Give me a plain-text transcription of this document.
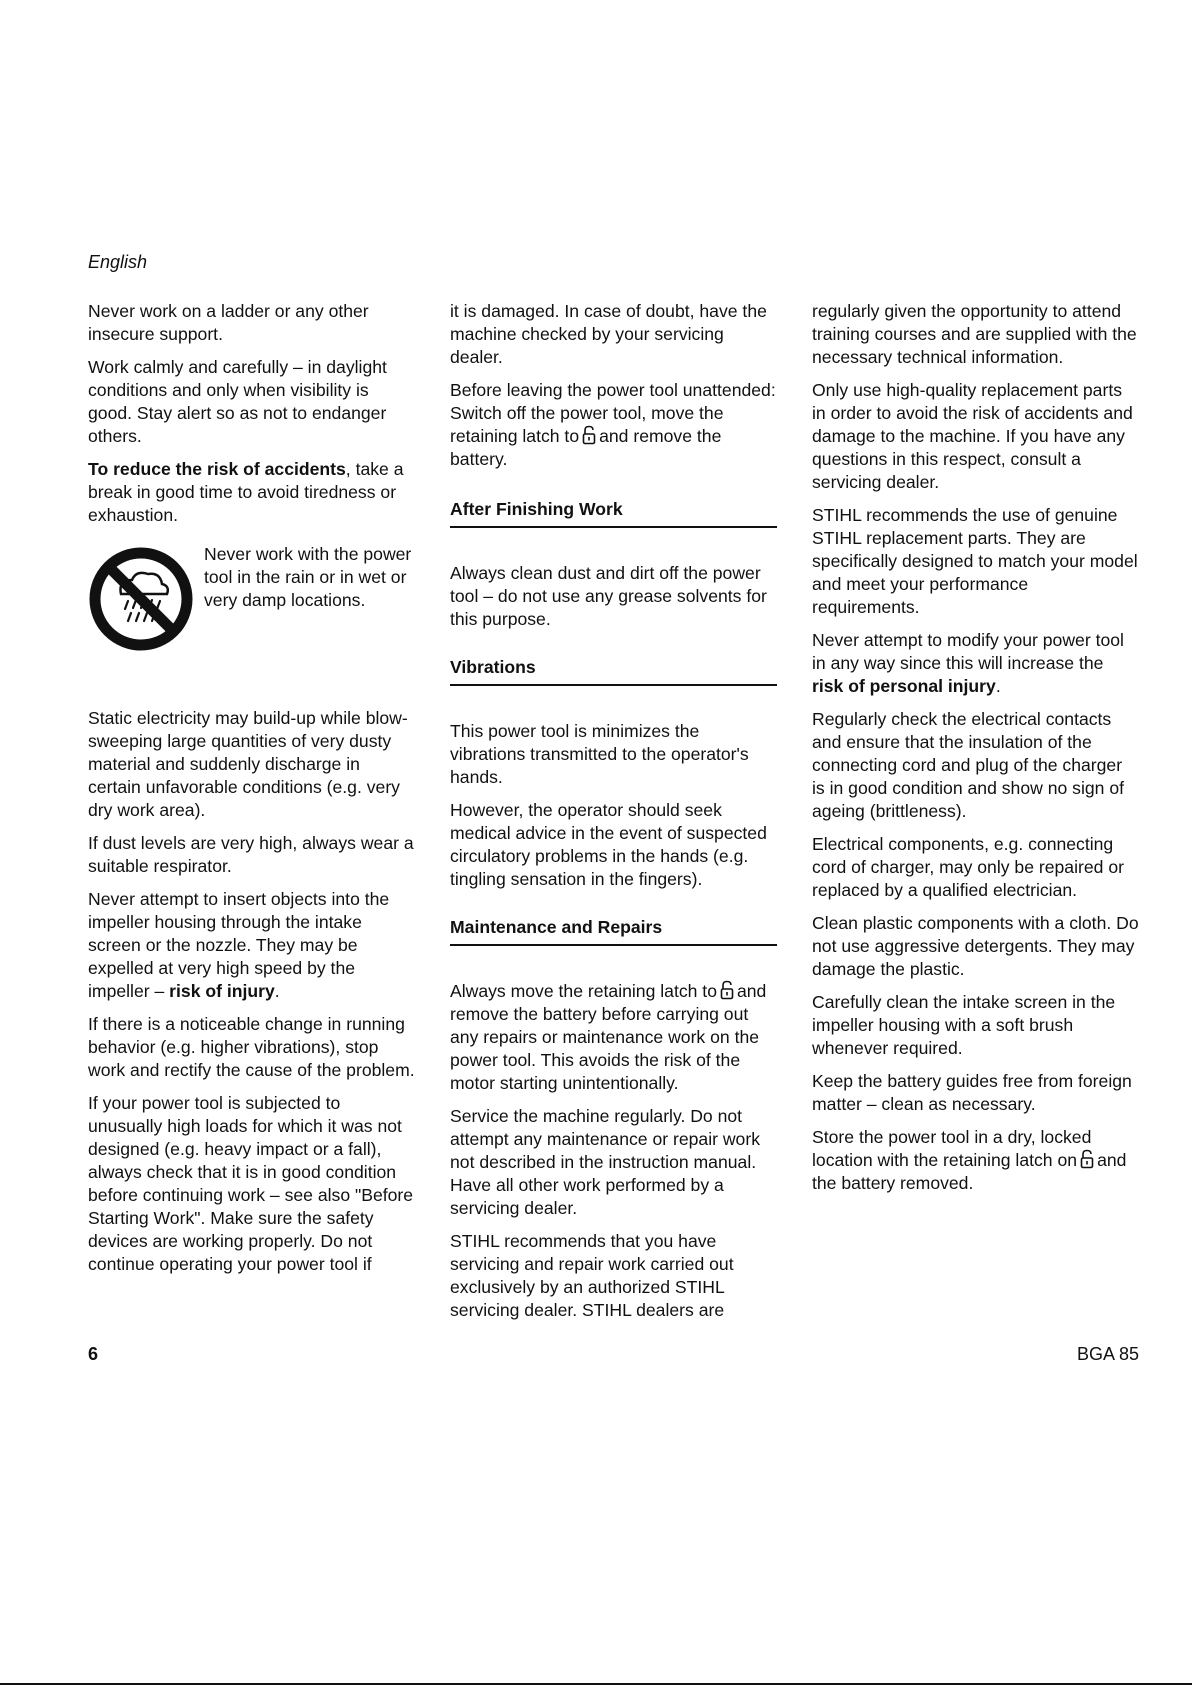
English

Never work on a ladder or any other insecure support.

Work calmly and carefully – in daylight conditions and only when visibility is good. Stay alert so as not to endanger others.

To reduce the risk of accidents, take a break in good time to avoid tiredness or exhaustion.

Never work with the power tool in the rain or in wet or very damp locations.

Static electricity may build-up while blow-sweeping large quantities of very dusty material and suddenly discharge in certain unfavorable conditions (e.g. very dry work area).

If dust levels are very high, always wear a suitable respirator.

Never attempt to insert objects into the impeller housing through the intake screen or the nozzle. They may be expelled at very high speed by the impeller – risk of injury.

If there is a noticeable change in running behavior (e.g. higher vibrations), stop work and rectify the cause of the problem.

If your power tool is subjected to unusually high loads for which it was not designed (e.g. heavy impact or a fall), always check that it is in good condition before continuing work – see also "Before Starting Work". Make sure the safety devices are working properly. Do not continue operating your power tool if

it is damaged. In case of doubt, have the machine checked by your servicing dealer.

Before leaving the power tool unattended: Switch off the power tool, move the retaining latch to and remove the battery.

After Finishing Work

Always clean dust and dirt off the power tool – do not use any grease solvents for this purpose.

Vibrations

This power tool is minimizes the vibrations transmitted to the operator's hands.

However, the operator should seek medical advice in the event of suspected circulatory problems in the hands (e.g. tingling sensation in the fingers).

Maintenance and Repairs

Always move the retaining latch to and remove the battery before carrying out any repairs or maintenance work on the power tool. This avoids the risk of the motor starting unintentionally.

Service the machine regularly. Do not attempt any maintenance or repair work not described in the instruction manual. Have all other work performed by a servicing dealer.

STIHL recommends that you have servicing and repair work carried out exclusively by an authorized STIHL servicing dealer. STIHL dealers are

regularly given the opportunity to attend training courses and are supplied with the necessary technical information.

Only use high-quality replacement parts in order to avoid the risk of accidents and damage to the machine. If you have any questions in this respect, consult a servicing dealer.

STIHL recommends the use of genuine STIHL replacement parts. They are specifically designed to match your model and meet your performance requirements.

Never attempt to modify your power tool in any way since this will increase the risk of personal injury.

Regularly check the electrical contacts and ensure that the insulation of the connecting cord and plug of the charger is in good condition and show no sign of ageing (brittleness).

Electrical components, e.g. connecting cord of charger, may only be repaired or replaced by a qualified electrician.

Clean plastic components with a cloth. Do not use aggressive detergents. They may damage the plastic.

Carefully clean the intake screen in the impeller housing with a soft brush whenever required.

Keep the battery guides free from foreign matter – clean as necessary.

Store the power tool in a dry, locked location with the retaining latch on and the battery removed.

6	BGA 85
